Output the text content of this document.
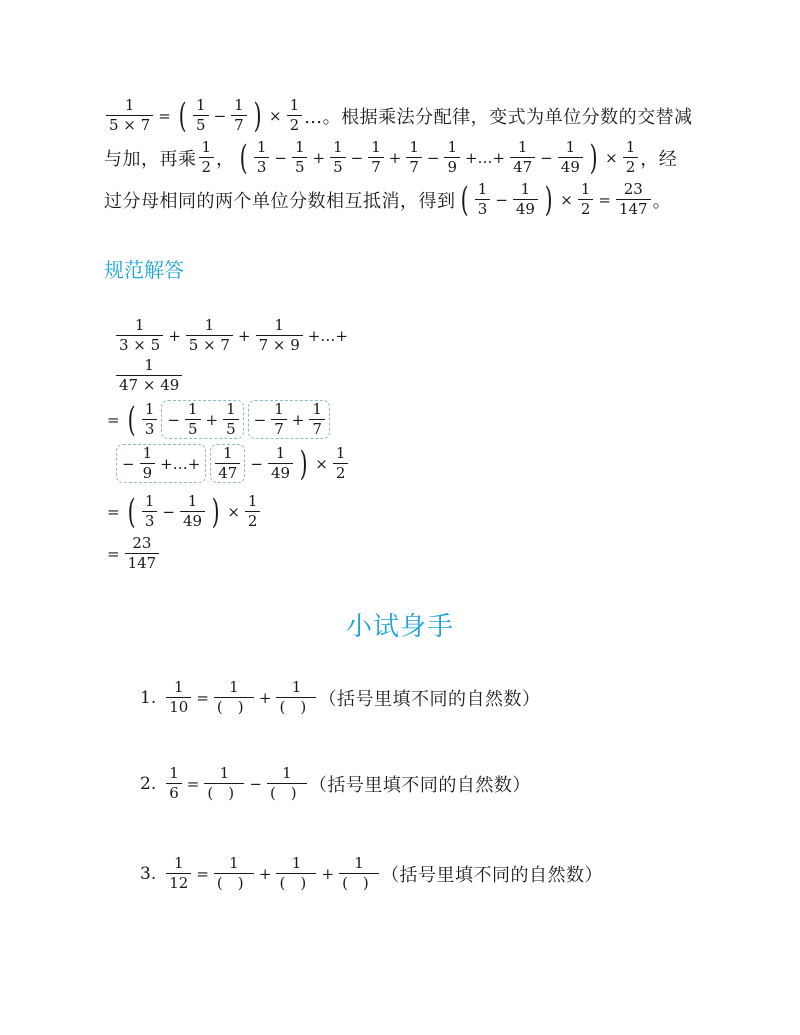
$\frac{1}{5 \times 7}$ = ( $\frac{1}{5} - \frac{1}{7}$ ) × $\frac{1}{2}$ …。根据乘法分配律，变式为单位分数的交替减
与加，再乘 $\frac{1}{2}$ ， ( $\frac{1}{3} - \frac{1}{5} + \frac{1}{5} - \frac{1}{7} + \frac{1}{7} - \frac{1}{9}$ +…+ $\frac{1}{47} - \frac{1}{49}$ ) × $\frac{1}{2}$ ，经
过分母相同的两个单位分数相互抵消，得到 ( $\frac{1}{3} - \frac{1}{49}$ ) × $\frac{1}{2} = \frac{23}{147}$ 。
规范解答
$\frac{1}{3 \times 5} + \frac{1}{5 \times 7} + \frac{1}{7 \times 9}$ +…+
$\frac{1}{47 \times 49}$
= ( $\frac{1}{3} - \frac{1}{5} + \frac{1}{5} - \frac{1}{7} + \frac{1}{7}$
− $\frac{1}{9}$ +…+ $\frac{1}{47} - \frac{1}{49}$ ) × $\frac{1}{2}$
= ( $\frac{1}{3} - \frac{1}{49}$ ) × $\frac{1}{2}$
= $\frac{23}{147}$
小试身手
1. $\frac{1}{10} = \frac{1}{( )} + \frac{1}{( )}$ （括号里填不同的自然数）
2. $\frac{1}{6} = \frac{1}{( )} - \frac{1}{( )}$ （括号里填不同的自然数）
3. $\frac{1}{12} = \frac{1}{( )} + \frac{1}{( )} + \frac{1}{( )}$ （括号里填不同的自然数）
